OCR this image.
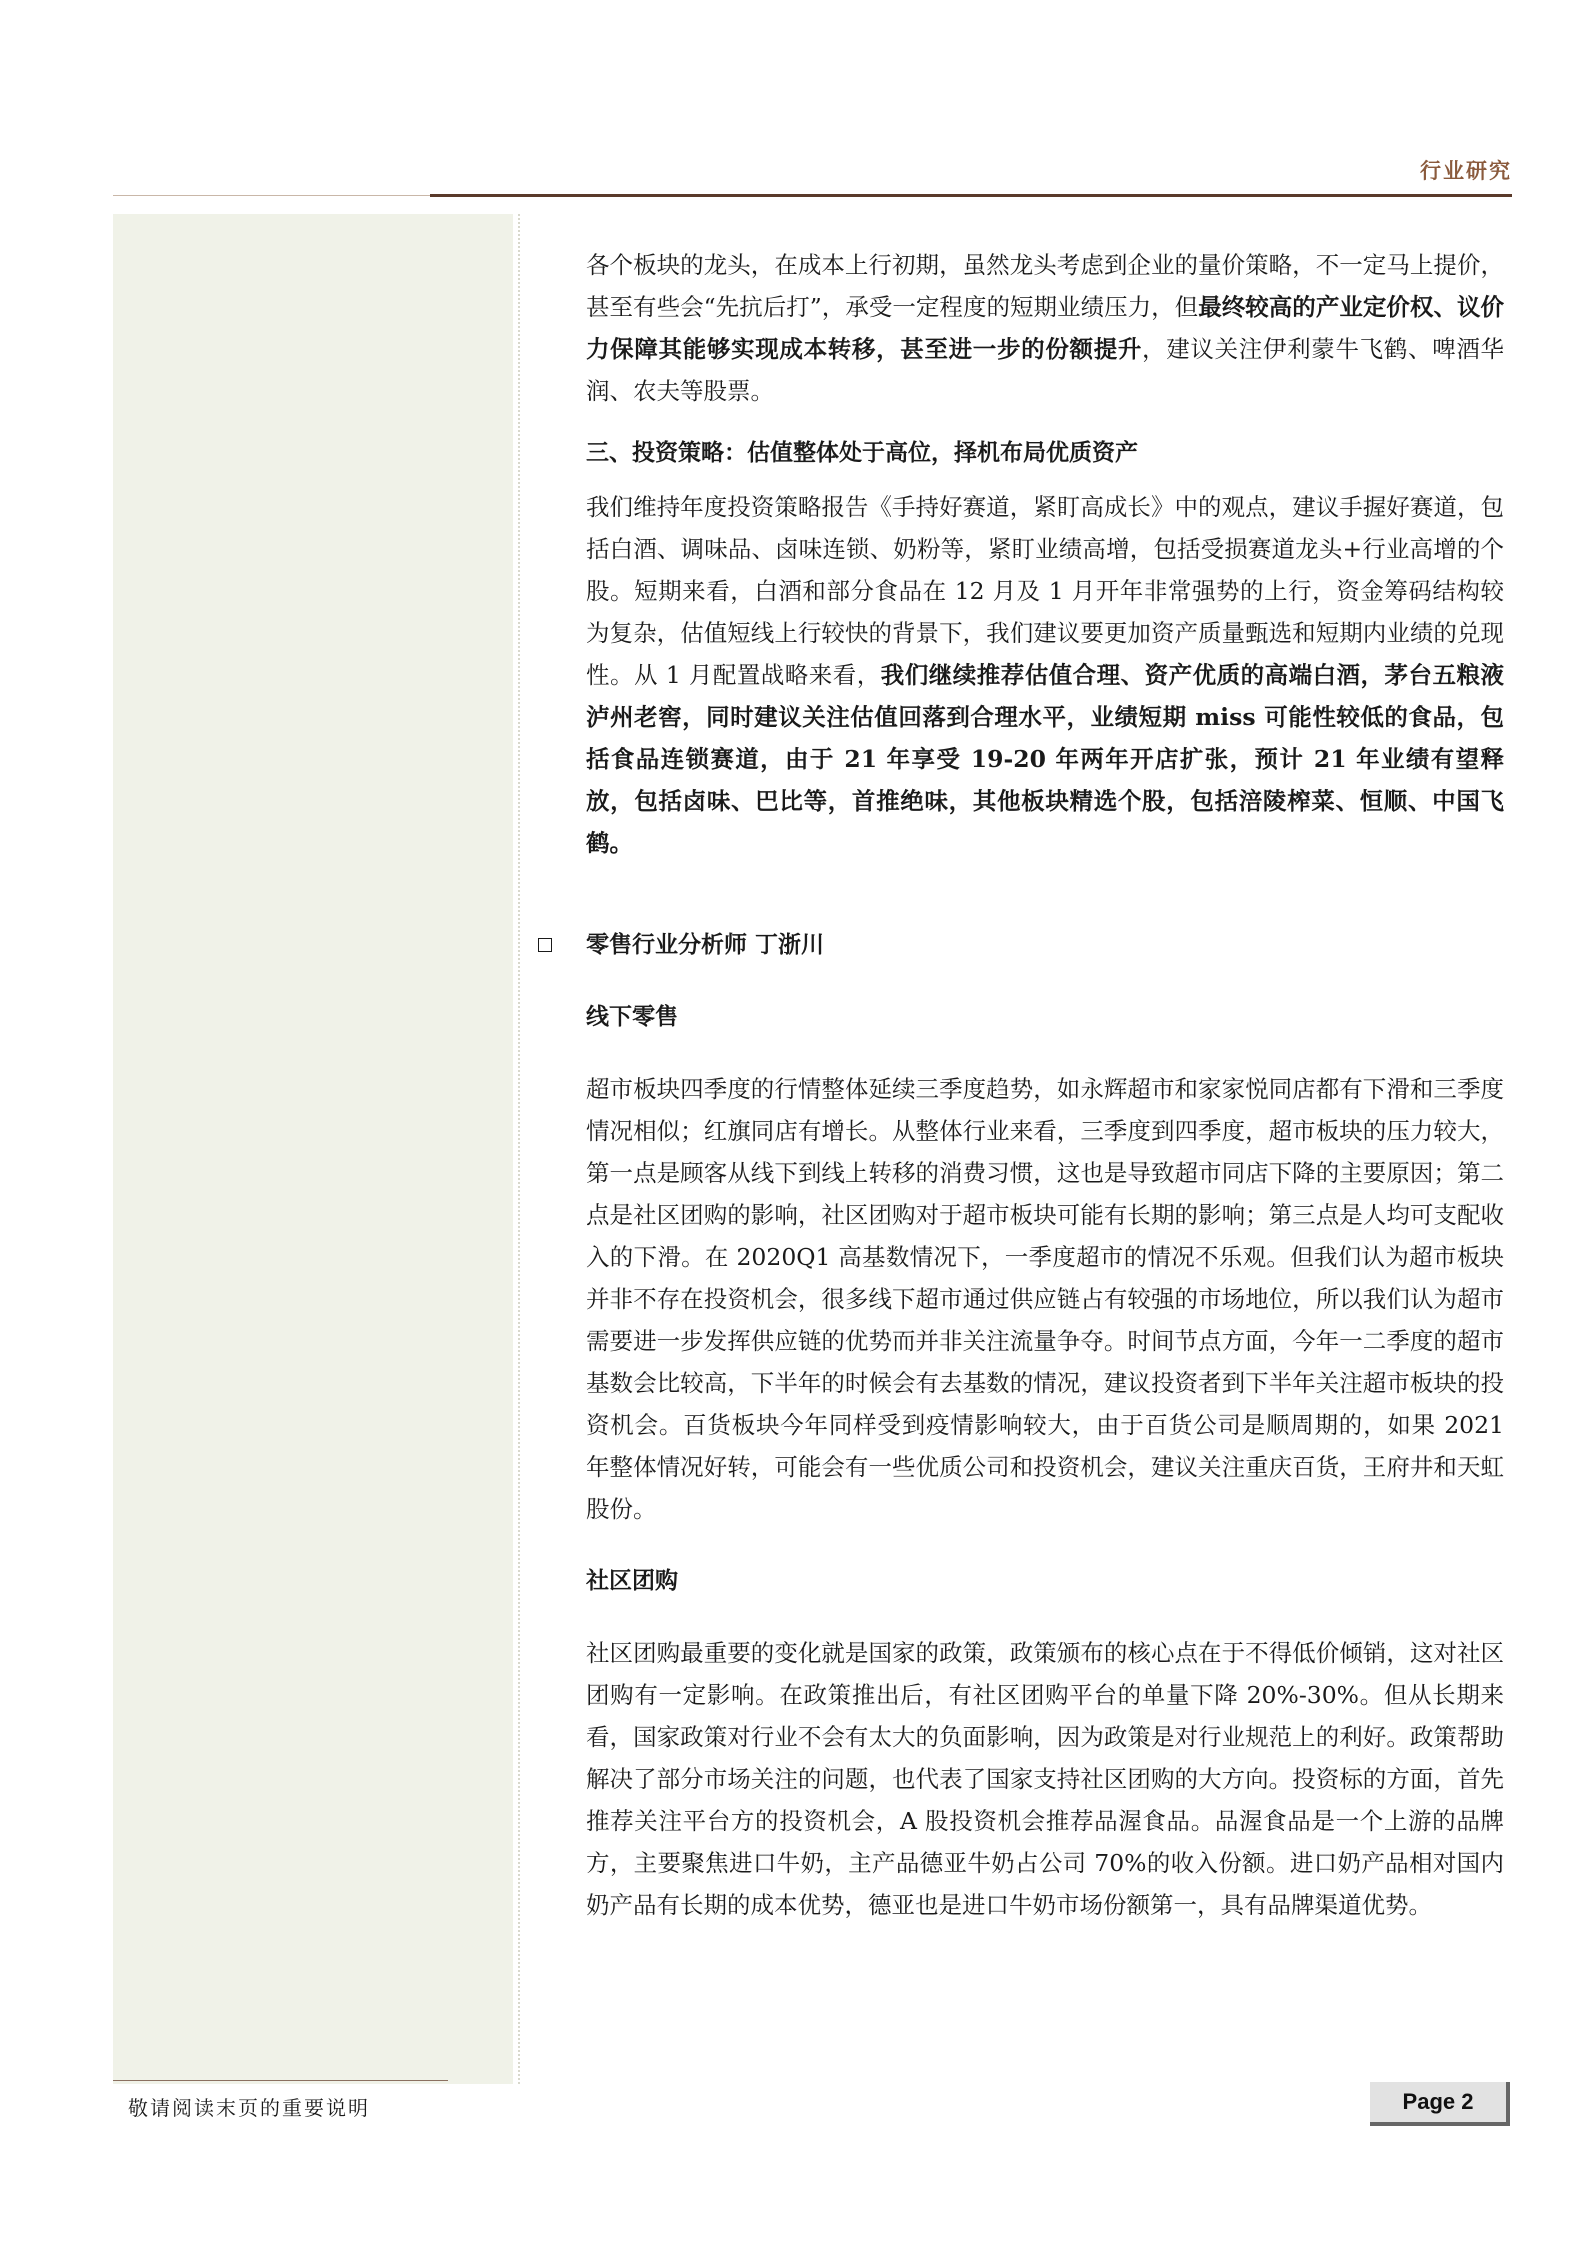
行业研究

各个板块的龙头，在成本上行初期，虽然龙头考虑到企业的量价策略，不一定马上提价，甚至有些会“先抗后打”，承受一定程度的短期业绩压力，但最终较高的产业定价权、议价力保障其能够实现成本转移，甚至进一步的份额提升，建议关注伊利蒙牛飞鹤、啤酒华润、农夫等股票。

三、投资策略：估值整体处于高位，择机布局优质资产

我们维持年度投资策略报告《手持好赛道，紧盯高成长》中的观点，建议手握好赛道，包括白酒、调味品、卤味连锁、奶粉等，紧盯业绩高增，包括受损赛道龙头+行业高增的个股。短期来看，白酒和部分食品在 12 月及 1 月开年非常强势的上行，资金筹码结构较为复杂，估值短线上行较快的背景下，我们建议要更加资产质量甄选和短期内业绩的兑现性。从 1 月配置战略来看，我们继续推荐估值合理、资产优质的高端白酒，茅台五粮液泸州老窖，同时建议关注估值回落到合理水平，业绩短期 miss 可能性较低的食品，包括食品连锁赛道，由于 21 年享受 19-20 年两年开店扩张，预计 21 年业绩有望释放，包括卤味、巴比等，首推绝味，其他板块精选个股，包括涪陵榨菜、恒顺、中国飞鹤。

零售行业分析师 丁浙川

线下零售

超市板块四季度的行情整体延续三季度趋势，如永辉超市和家家悦同店都有下滑和三季度情况相似；红旗同店有增长。从整体行业来看，三季度到四季度，超市板块的压力较大，第一点是顾客从线下到线上转移的消费习惯，这也是导致超市同店下降的主要原因；第二点是社区团购的影响，社区团购对于超市板块可能有长期的影响；第三点是人均可支配收入的下滑。在 2020Q1 高基数情况下，一季度超市的情况不乐观。但我们认为超市板块并非不存在投资机会，很多线下超市通过供应链占有较强的市场地位，所以我们认为超市需要进一步发挥供应链的优势而并非关注流量争夺。时间节点方面，今年一二季度的超市基数会比较高，下半年的时候会有去基数的情况，建议投资者到下半年关注超市板块的投资机会。百货板块今年同样受到疫情影响较大，由于百货公司是顺周期的，如果 2021 年整体情况好转，可能会有一些优质公司和投资机会，建议关注重庆百货，王府井和天虹股份。

社区团购

社区团购最重要的变化就是国家的政策，政策颁布的核心点在于不得低价倾销，这对社区团购有一定影响。在政策推出后，有社区团购平台的单量下降 20%-30%。但从长期来看，国家政策对行业不会有太大的负面影响，因为政策是对行业规范上的利好。政策帮助解决了部分市场关注的问题，也代表了国家支持社区团购的大方向。投资标的方面，首先推荐关注平台方的投资机会，A 股投资机会推荐品渥食品。品渥食品是一个上游的品牌方，主要聚焦进口牛奶，主产品德亚牛奶占公司 70%的收入份额。进口奶产品相对国内奶产品有长期的成本优势，德亚也是进口牛奶市场份额第一，具有品牌渠道优势。

敬请阅读末页的重要说明	Page 2
